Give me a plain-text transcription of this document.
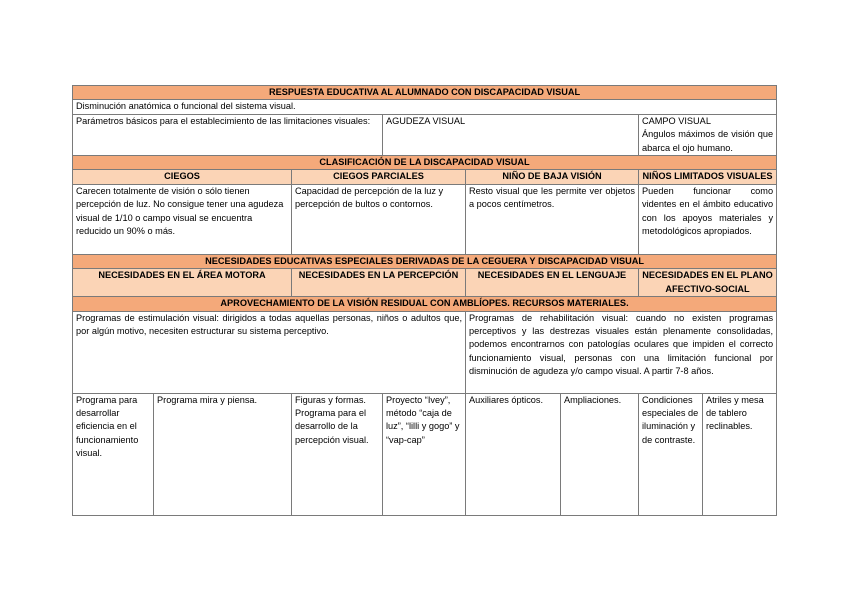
RESPUESTA EDUCATIVA AL ALUMNADO CON DISCAPACIDAD VISUAL							
Disminución anatómica o funcional del sistema visual.							
Parámetros básicos para el establecimiento de las limitaciones visuales:			AGUDEZA VISUAL			CAMPO VISUAL
Ángulos máximos de visión que abarca el ojo humano.	

CLASIFICACIÓN DE LA DISCAPACIDAD VISUAL							
CIEGOS		CIEGOS PARCIALES		NIÑO DE BAJA VISIÓN		NIÑOS LIMITADOS VISUALES	
Carecen totalmente de visión o sólo tienen percepción de luz. No consigue tener una agudeza visual de 1/10 o campo visual se encuentra reducido un 90% o más.		Capacidad de percepción de la luz y percepción de bultos o contornos.		Resto visual que les permite ver objetos a pocos centímetros.		Pueden funcionar como videntes en el ámbito educativo con los apoyos materiales y metodológicos apropiados.	
NECESIDADES EDUCATIVAS ESPECIALES DERIVADAS DE LA CEGUERA Y DISCAPACIDAD VISUAL							
NECESIDADES EN EL ÁREA MOTORA		NECESIDADES EN LA PERCEPCIÓN		NECESIDADES EN EL LENGUAJE		NECESIDADES EN EL PLANO AFECTIVO-SOCIAL	
APROVECHAMIENTO DE LA VISIÓN RESIDUAL CON AMBLÍOPES. RECURSOS MATERIALES.							
Programas de estimulación visual: dirigidos a todas aquellas personas, niños o adultos que, por algún motivo, necesiten estructurar su sistema perceptivo.				Programas de rehabilitación visual: cuando no existen programas perceptivos y las destrezas visuales están plenamente consolidadas, podemos encontrarnos con patologías oculares que impiden el correcto funcionamiento visual, personas con una limitación funcional por disminución de agudeza y/o campo visual. A partir 7-8 años.			
Programa para desarrollar eficiencia en el funcionamiento visual.	Programa mira y piensa.	Figuras y formas. Programa para el desarrollo de la percepción visual.	Proyecto “Ivey”, método “caja de luz”, “lilli y gogo” y “vap-cap”	Auxiliares ópticos.	Ampliaciones.	Condiciones especiales de iluminación y de contraste.	Atriles y mesa de tablero reclinables.
